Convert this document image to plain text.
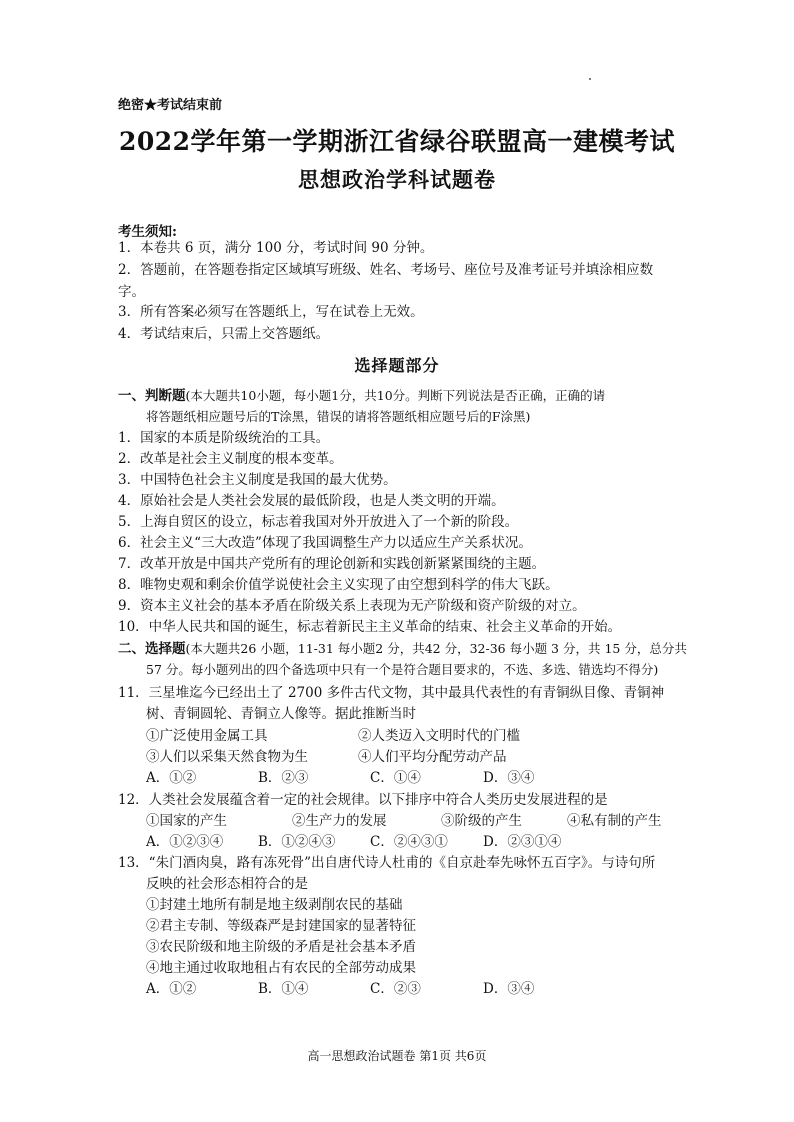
绝密★考试结束前
2022学年第一学期浙江省绿谷联盟高一建模考试
思想政治学科试题卷
考生须知:
1．本卷共 6 页，满分 100 分，考试时间 90 分钟。
2．答题前，在答题卷指定区域填写班级、姓名、考场号、座位号及准考证号并填涂相应数
字。
3．所有答案必须写在答题纸上，写在试卷上无效。
4．考试结束后，只需上交答题纸。
选择题部分
一、判断题(本大题共10小题，每小题1分，共10分。判断下列说法是否正确，正确的请
将答题纸相应题号后的T涂黑，错误的请将答题纸相应题号后的F涂黑)
1．国家的本质是阶级统治的工具。
2．改革是社会主义制度的根本变革。
3．中国特色社会主义制度是我国的最大优势。
4．原始社会是人类社会发展的最低阶段，也是人类文明的开端。
5．上海自贸区的设立，标志着我国对外开放进入了一个新的阶段。
6．社会主义“三大改造”体现了我国调整生产力以适应生产关系状况。
7．改革开放是中国共产党所有的理论创新和实践创新紧紧围绕的主题。
8．唯物史观和剩余价值学说使社会主义实现了由空想到科学的伟大飞跃。
9．资本主义社会的基本矛盾在阶级关系上表现为无产阶级和资产阶级的对立。
10．中华人民共和国的诞生，标志着新民主主义革命的结束、社会主义革命的开始。
二、选择题(本大题共26 小题，11-31 每小题2 分，共42 分，32-36 每小题 3 分，共 15 分，总分共
57 分。每小题列出的四个备选项中只有一个是符合题目要求的，不选、多选、错选均不得分)
11．三星堆迄今已经出土了 2700 多件古代文物，其中最具代表性的有青铜纵目像、青铜神
树、青铜圆轮、青铜立人像等。据此推断当时
①广泛使用金属工具	②人类迈入文明时代的门槛
③人们以采集天然食物为生	④人们平均分配劳动产品
A．①②	B．②③	C．①④	D．③④
12．人类社会发展蕴含着一定的社会规律。以下排序中符合人类历史发展进程的是
①国家的产生	②生产力的发展	③阶级的产生	④私有制的产生
A．①②③④	B．①②④③	C．②④③①	D．②③①④
13．“朱门酒肉臭，路有冻死骨”出自唐代诗人杜甫的《自京赴奉先咏怀五百字》。与诗句所
反映的社会形态相符合的是
①封建土地所有制是地主级剥削农民的基础
②君主专制、等级森严是封建国家的显著特征
③农民阶级和地主阶级的矛盾是社会基本矛盾
④地主通过收取地租占有农民的全部劳动成果
A．①②	B．①④	C．②③	D．③④
高一思想政治试题卷 第1页 共6页
